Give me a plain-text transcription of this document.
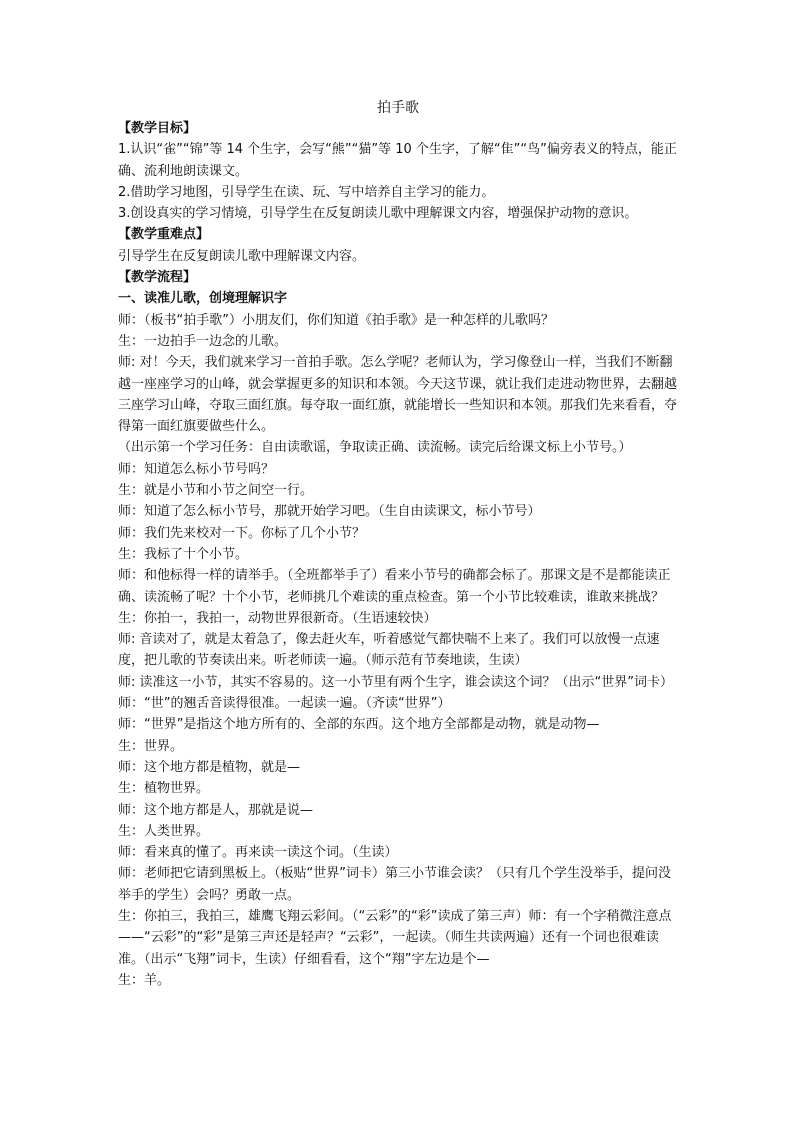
拍手歌

【教学目标】

1.认识“雀”“锦”等 14 个生字，会写“熊”“猫”等 10 个生字，了解“隹”“鸟”偏旁表义的特点，能正确、流利地朗读课文。

2.借助学习地图，引导学生在读、玩、写中培养自主学习的能力。

3.创设真实的学习情境，引导学生在反复朗读儿歌中理解课文内容，增强保护动物的意识。

【教学重难点】

引导学生在反复朗读儿歌中理解课文内容。

【教学流程】

一、读准儿歌，创境理解识字

师：（板书“拍手歌”）小朋友们，你们知道《拍手歌》是一种怎样的儿歌吗？

生：一边拍手一边念的儿歌。

师: 对！今天，我们就来学习一首拍手歌。怎么学呢？老师认为，学习像登山一样，当我们不断翻越一座座学习的山峰，就会掌握更多的知识和本领。今天这节课，就让我们走进动物世界，去翻越三座学习山峰，夺取三面红旗。每夺取一面红旗，就能增长一些知识和本领。那我们先来看看，夺得第一面红旗要做些什么。

（出示第一个学习任务：自由读歌谣，争取读正确、读流畅。读完后给课文标上小节号。）

师：知道怎么标小节号吗？

生：就是小节和小节之间空一行。

师：知道了怎么标小节号，那就开始学习吧。（生自由读课文，标小节号）

师：我们先来校对一下。你标了几个小节？

生：我标了十个小节。

师：和他标得一样的请举手。（全班都举手了）看来小节号的确都会标了。那课文是不是都能读正确、读流畅了呢？十个小节，老师挑几个难读的重点检查。第一个小节比较难读，谁敢来挑战？

生：你拍一，我拍一，动物世界很新奇。（生语速较快）

师: 音读对了，就是太着急了，像去赶火车，听着感觉气都快喘不上来了。我们可以放慢一点速度，把儿歌的节奏读出来。听老师读一遍。（师示范有节奏地读，生读）

师: 读准这一小节，其实不容易的。这一小节里有两个生字，谁会读这个词？（出示“世界”词卡）

师：“世”的翘舌音读得很准。一起读一遍。（齐读“世界”）

师：“世界”是指这个地方所有的、全部的东西。这个地方全部都是动物，就是动物—

生：世界。

师：这个地方都是植物，就是—

生：植物世界。

师：这个地方都是人，那就是说—

生：人类世界。

师：看来真的懂了。再来读一读这个词。（生读）

师：老师把它请到黑板上。（板贴“世界”词卡）第三小节谁会读？（只有几个学生没举手，提问没举手的学生）会吗？勇敢一点。

生：你拍三，我拍三，雄鹰飞翔云彩间。（“云彩”的“彩”读成了第三声）师：有一个字稍微注意点——“云彩”的“彩”是第三声还是轻声？“云彩”，一起读。（师生共读两遍）还有一个词也很难读准。（出示“飞翔”词卡，生读）仔细看看，这个“翔”字左边是个—

生：羊。
